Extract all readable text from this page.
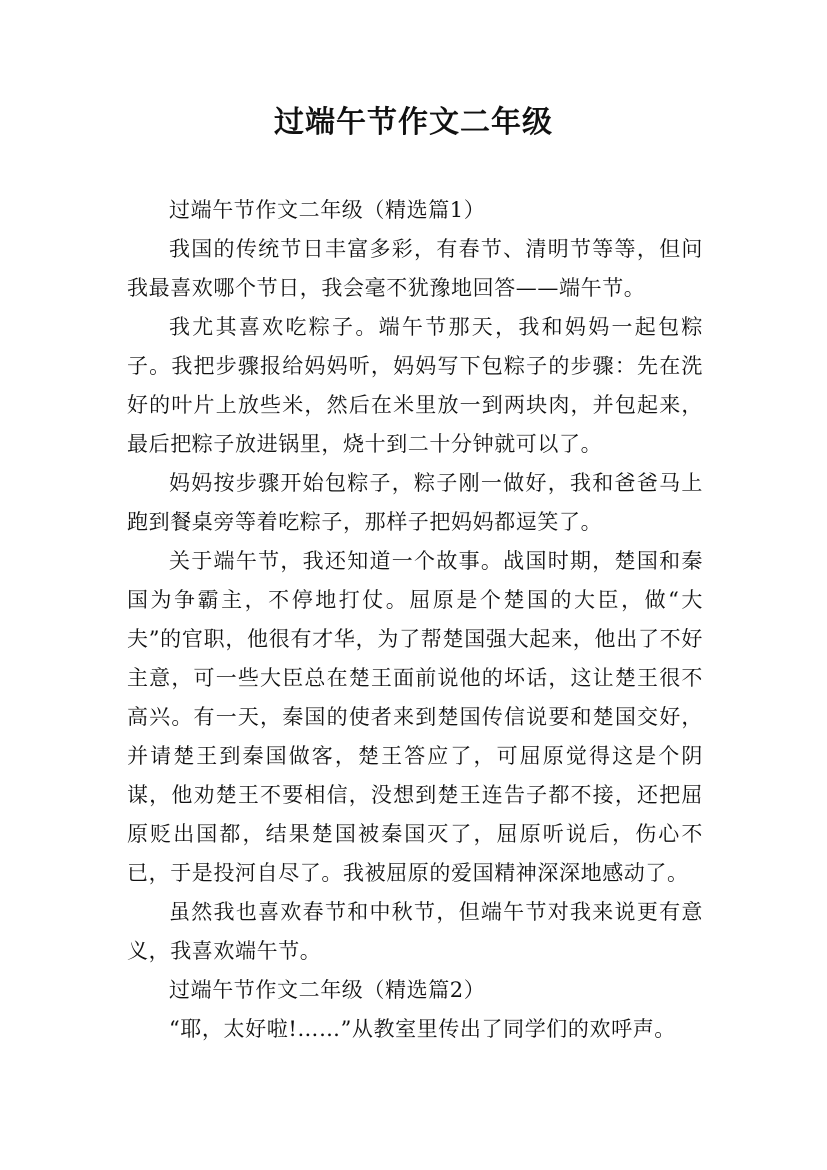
过端午节作文二年级

过端午节作文二年级（精选篇1）

我国的传统节日丰富多彩，有春节、清明节等等，但问我最喜欢哪个节日，我会毫不犹豫地回答——端午节。

我尤其喜欢吃粽子。端午节那天，我和妈妈一起包粽子。我把步骤报给妈妈听，妈妈写下包粽子的步骤：先在洗好的叶片上放些米，然后在米里放一到两块肉，并包起来，最后把粽子放进锅里，烧十到二十分钟就可以了。

妈妈按步骤开始包粽子，粽子刚一做好，我和爸爸马上跑到餐桌旁等着吃粽子，那样子把妈妈都逗笑了。

关于端午节，我还知道一个故事。战国时期，楚国和秦国为争霸主，不停地打仗。屈原是个楚国的大臣，做“大夫”的官职，他很有才华，为了帮楚国强大起来，他出了不好主意，可一些大臣总在楚王面前说他的坏话，这让楚王很不高兴。有一天，秦国的使者来到楚国传信说要和楚国交好，并请楚王到秦国做客，楚王答应了，可屈原觉得这是个阴谋，他劝楚王不要相信，没想到楚王连告子都不接，还把屈原贬出国都，结果楚国被秦国灭了，屈原听说后，伤心不已，于是投河自尽了。我被屈原的爱国精神深深地感动了。

虽然我也喜欢春节和中秋节，但端午节对我来说更有意义，我喜欢端午节。

过端午节作文二年级（精选篇2）

“耶，太好啦!……”从教室里传出了同学们的欢呼声。
